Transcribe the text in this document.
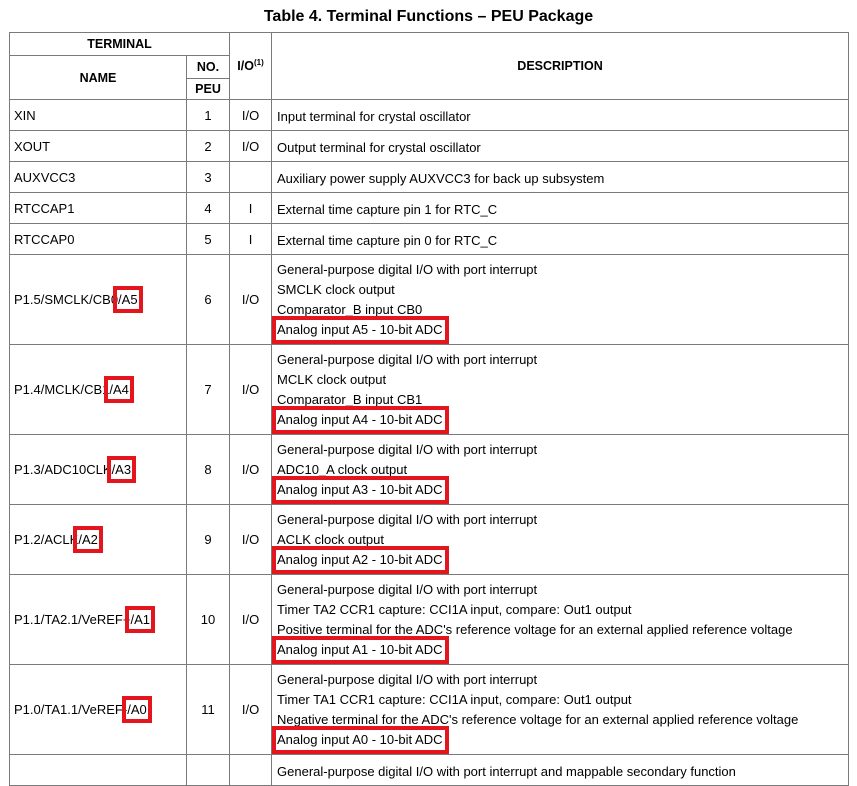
Table 4. Terminal Functions – PEU Package
TERMINAL		$I/O^{(1)}$	DESCRIPTION
NAME	NO.		
	PEU		
XIN	1	I/O	Input terminal for crystal oscillator

XOUT	2	I/O	Output terminal for crystal oscillator

AUXVCC3	3		Auxiliary power supply AUXVCC3 for back up subsystem

RTCCAP1	4	I	External time capture pin 1 for RTC_C

RTCCAP0	5	I	External time capture pin 0 for RTC_C

P1.5/SMCLK/CB0/A5	6	I/O	General-purpose digital I/O with port interrupt
SMCLK clock output
Comparator_B input CB0
Analog input A5 - 10-bit ADC

P1.4/MCLK/CB1/A4	7	I/O	General-purpose digital I/O with port interrupt
MCLK clock output
Comparator_B input CB1
Analog input A4 - 10-bit ADC

P1.3/ADC10CLK/A3	8	I/O	General-purpose digital I/O with port interrupt
ADC10_A clock output
Analog input A3 - 10-bit ADC

P1.2/ACLK/A2	9	I/O	General-purpose digital I/O with port interrupt
ACLK clock output
Analog input A2 - 10-bit ADC

P1.1/TA2.1/VeREF+/A1	10	I/O	General-purpose digital I/O with port interrupt
Timer TA2 CCR1 capture: CCI1A input, compare: Out1 output
Positive terminal for the ADC's reference voltage for an external applied reference voltage
Analog input A1 - 10-bit ADC

P1.0/TA1.1/VeREF-/A0	11	I/O	General-purpose digital I/O with port interrupt
Timer TA1 CCR1 capture: CCI1A input, compare: Out1 output
Negative terminal for the ADC's reference voltage for an external applied reference voltage
Analog input A0 - 10-bit ADC

			General-purpose digital I/O with port interrupt and mappable secondary function
